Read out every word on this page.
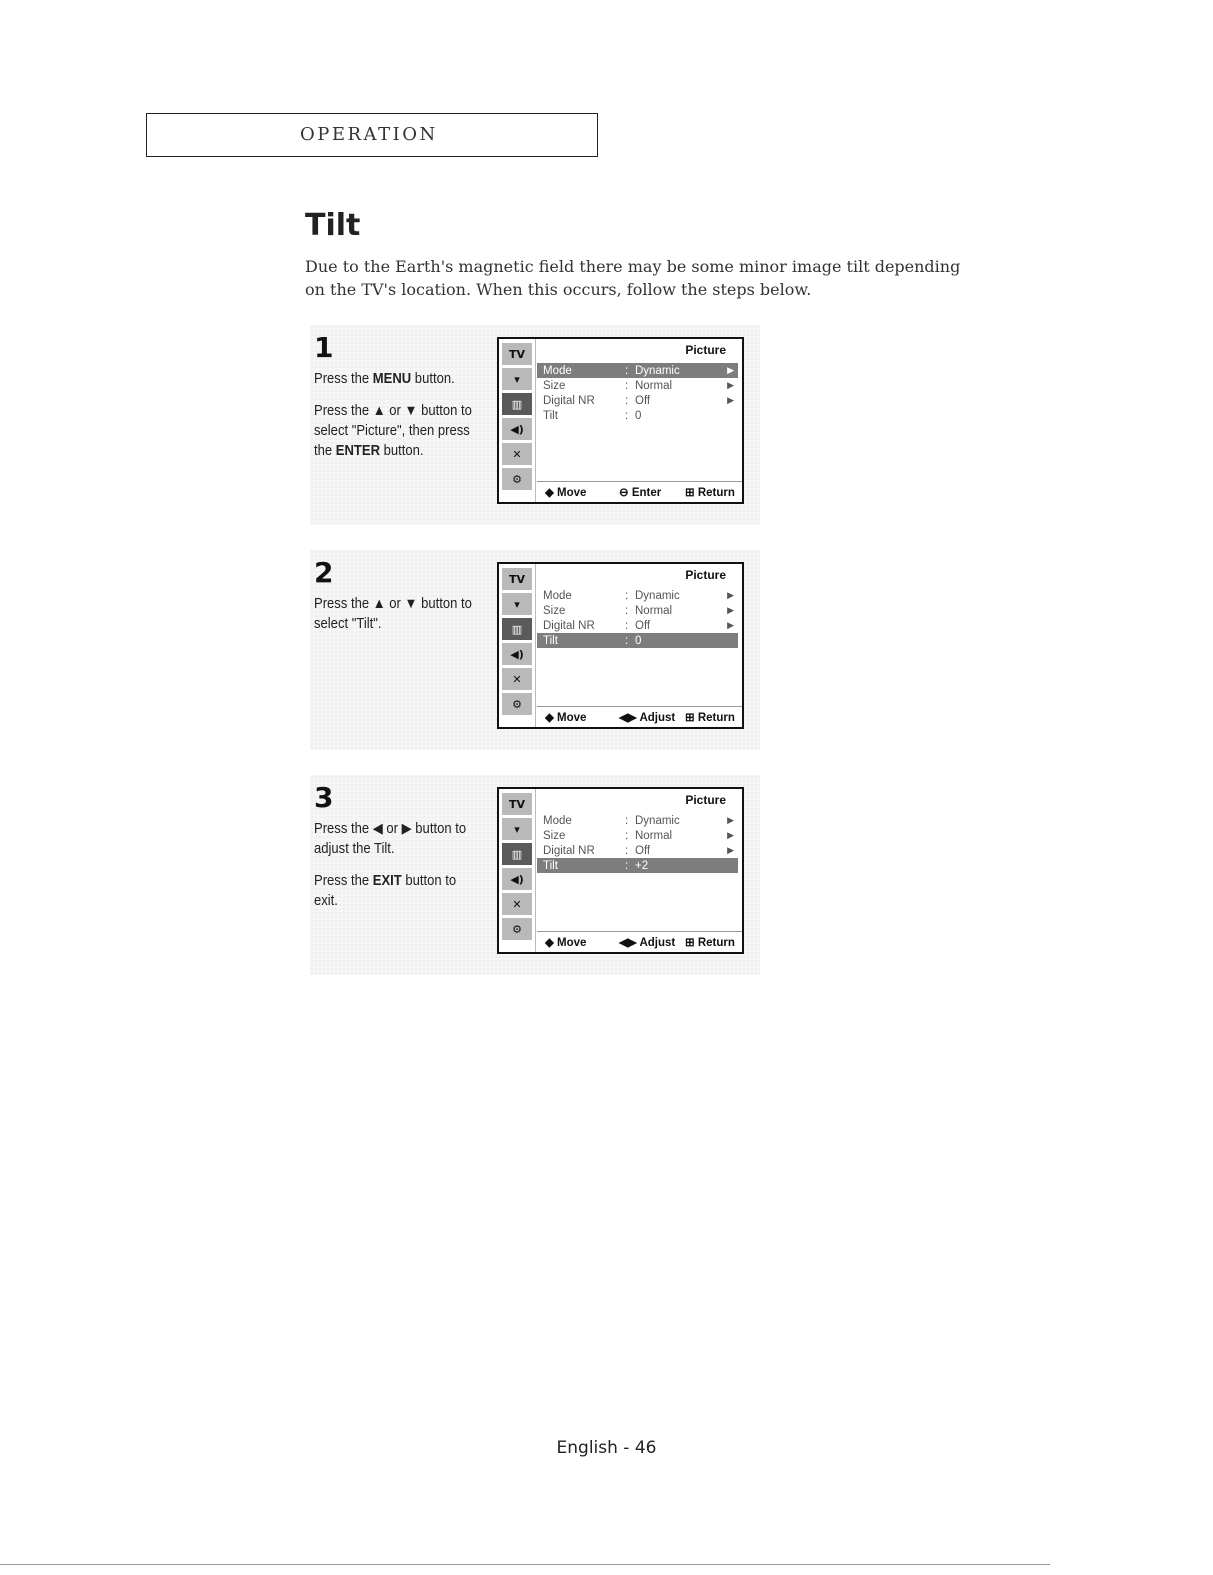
OPERATION
Tilt

Due to the Earth's magnetic field there may be some minor image tilt depending on the TV's location. When this occurs, follow the steps below.

1

Press the MENU button.

Press the ▲ or ▼ button to select "Picture", then press the ENTER button.

TV
▾
▥
◀)
✕
⚙
Picture
Mode	: Dynamic	▶
Size	: Normal	▶
Digital NR	: Off	▶
Tilt	: 0
◆ Move	⊖ Enter ⊞ Return
2

Press the ▲ or ▼ button to select "Tilt".

TV
▾
▥
◀)
✕
⚙
Picture
Mode	: Dynamic	▶
Size	: Normal	▶
Digital NR	: Off	▶
Tilt	: 0
◆ Move	◀▶ Adjust ⊞ Return
3

Press the ◀ or ▶ button to adjust the Tilt.

Press the EXIT button to exit.

TV
▾
▥
◀)
✕
⚙
Picture
Mode	: Dynamic	▶
Size	: Normal	▶
Digital NR	: Off	▶
Tilt	: +2
◆ Move	◀▶ Adjust ⊞ Return
English - 46
